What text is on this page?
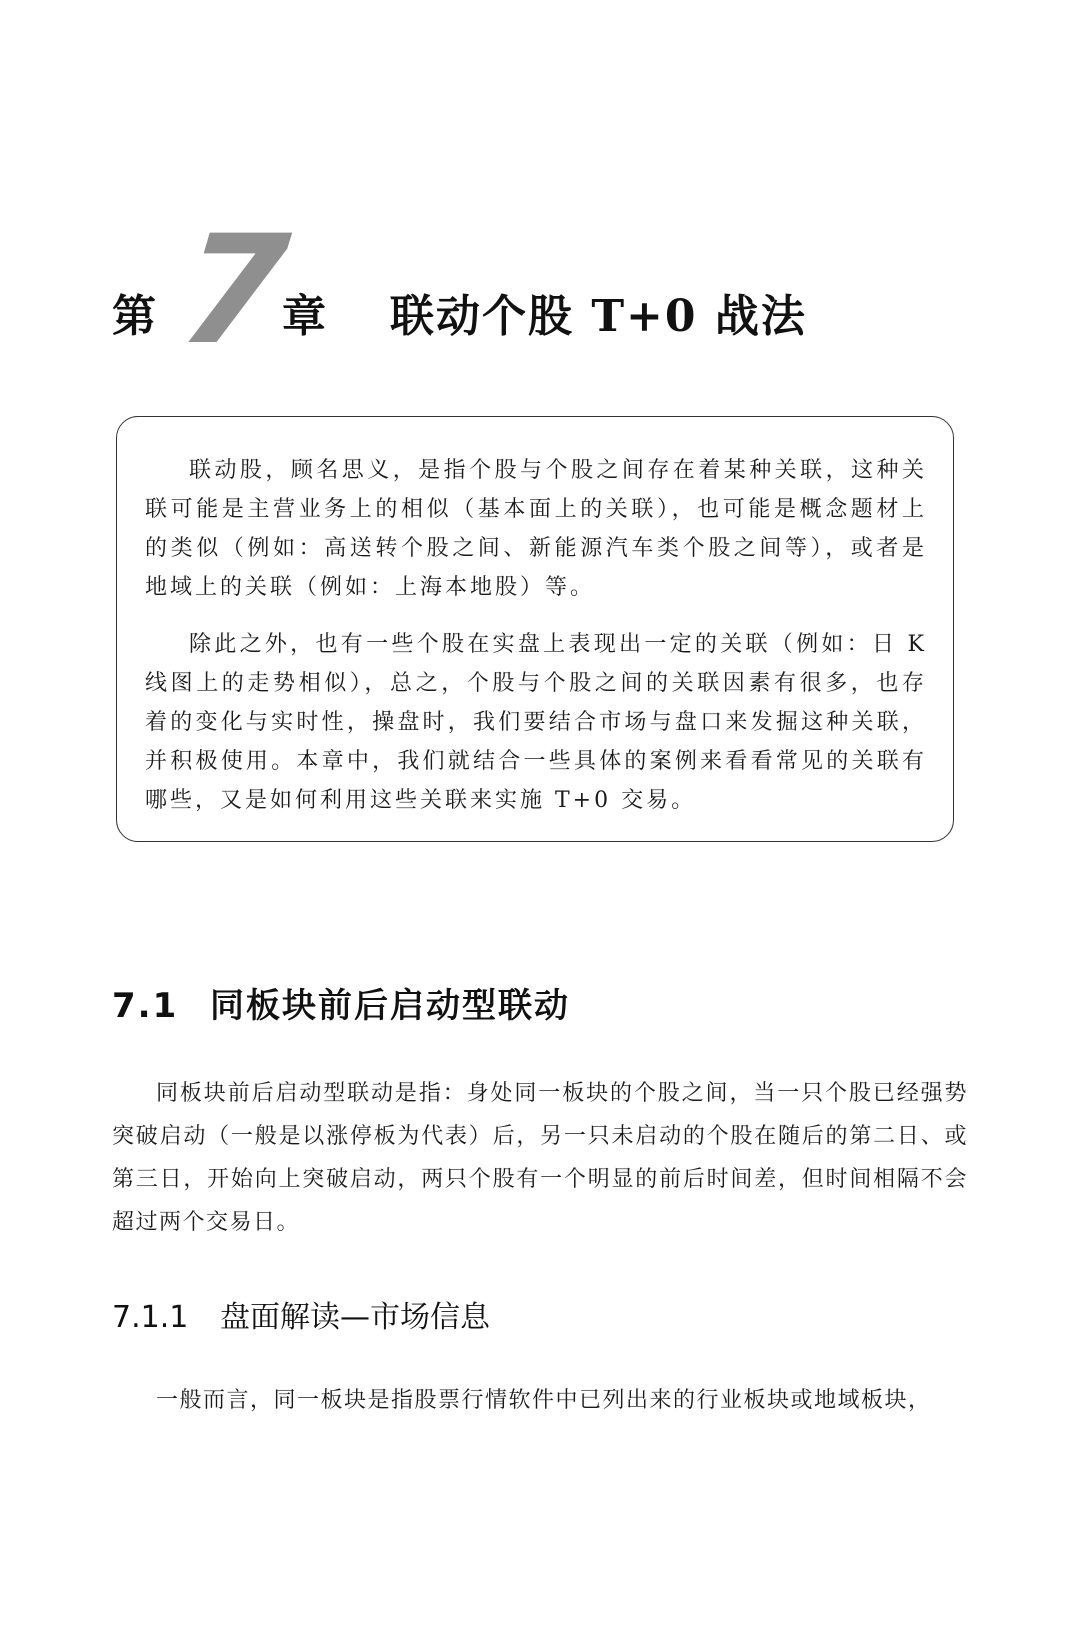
第 7
章 联动个股 T+0 战法

联动股，顾名思义，是指个股与个股之间存在着某种关联，这种关联可能是主营业务上的相似（基本面上的关联），也可能是概念题材上的类似（例如：高送转个股之间、新能源汽车类个股之间等），或者是地域上的关联（例如：上海本地股）等。

除此之外，也有一些个股在实盘上表现出一定的关联（例如：日 K 线图上的走势相似），总之，个股与个股之间的关联因素有很多，也存着的变化与实时性，操盘时，我们要结合市场与盘口来发掘这种关联，并积极使用。本章中，我们就结合一些具体的案例来看看常见的关联有哪些，又是如何利用这些关联来实施 T+0 交易。

7.1 同板块前后启动型联动

同板块前后启动型联动是指：身处同一板块的个股之间，当一只个股已经强势突破启动（一般是以涨停板为代表）后，另一只未启动的个股在随后的第二日、或第三日，开始向上突破启动，两只个股有一个明显的前后时间差，但时间相隔不会超过两个交易日。

7.1.1 盘面解读—市场信息

一般而言，同一板块是指股票行情软件中已列出来的行业板块或地域板块，
